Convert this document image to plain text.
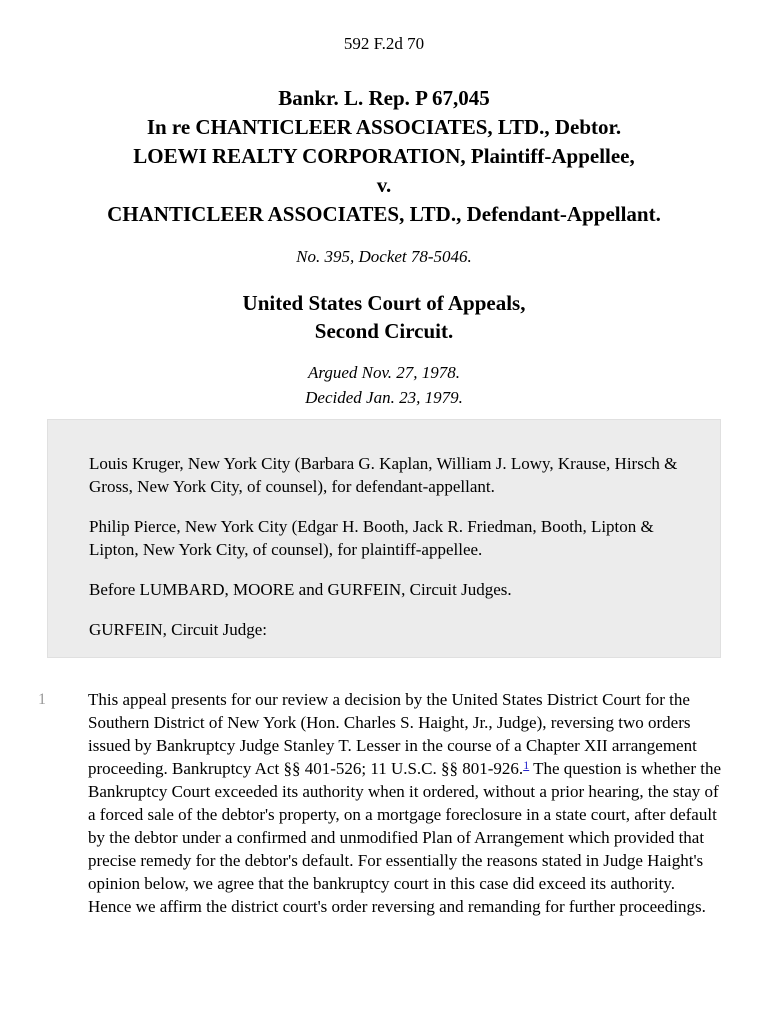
592 F.2d 70
Bankr. L. Rep. P 67,045
In re CHANTICLEER ASSOCIATES, LTD., Debtor.
LOEWI REALTY CORPORATION, Plaintiff-Appellee,
v.
CHANTICLEER ASSOCIATES, LTD., Defendant-Appellant.
No. 395, Docket 78-5046.
United States Court of Appeals,
Second Circuit.
Argued Nov. 27, 1978.
Decided Jan. 23, 1979.

Louis Kruger, New York City (Barbara G. Kaplan, William J. Lowy, Krause, Hirsch & Gross, New York City, of counsel), for defendant-appellant.

Philip Pierce, New York City (Edgar H. Booth, Jack R. Friedman, Booth, Lipton & Lipton, New York City, of counsel), for plaintiff-appellee.

Before LUMBARD, MOORE and GURFEIN, Circuit Judges.

GURFEIN, Circuit Judge:

1	This appeal presents for our review a decision by the United States District Court for the Southern District of New York (Hon. Charles S. Haight, Jr., Judge), reversing two orders issued by Bankruptcy Judge Stanley T. Lesser in the course of a Chapter XII arrangement proceeding. Bankruptcy Act §§ 401-526; 11 U.S.C. §§ 801-926.$^1$ The question is whether the Bankruptcy Court exceeded its authority when it ordered, without a prior hearing, the stay of a forced sale of the debtor's property, on a mortgage foreclosure in a state court, after default by the debtor under a confirmed and unmodified Plan of Arrangement which provided that precise remedy for the debtor's default. For essentially the reasons stated in Judge Haight's opinion below, we agree that the bankruptcy court in this case did exceed its authority. Hence we affirm the district court's order reversing and remanding for further proceedings.
